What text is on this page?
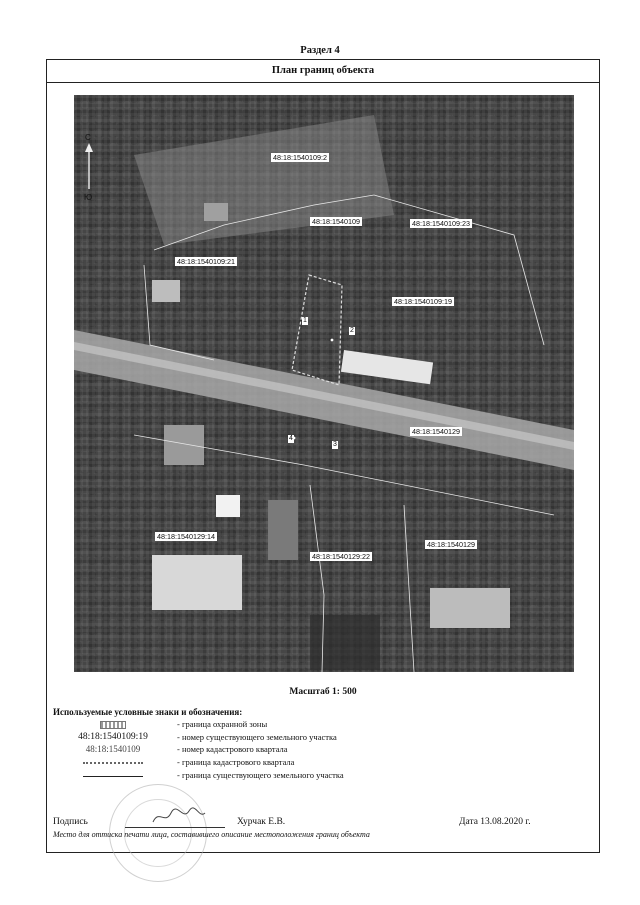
Раздел 4
План границ объекта
С
Ю
48:18:1540109:2
48:18:1540109	48:18:1540109:23
48:18:1540109:21
48:18:1540109:19
48:18:1540129
48:18:1540129:14
48:18:1540129:22
48:18:1540129
1
2
3
4
Масштаб 1: 500
Используемые условные знаки и обозначения:
- граница охранной зоны
48:18:1540109:19	- номер существующего земельного участка
48:18:1540109	- номер кадастрового квартала
- граница кадастрового квартала
- граница существующего земельного участка
Подпись	Хурчак Е.В.	Дата 13.08.2020 г.
Место для оттиска печати лица, составившего описание местоположения границ объекта
